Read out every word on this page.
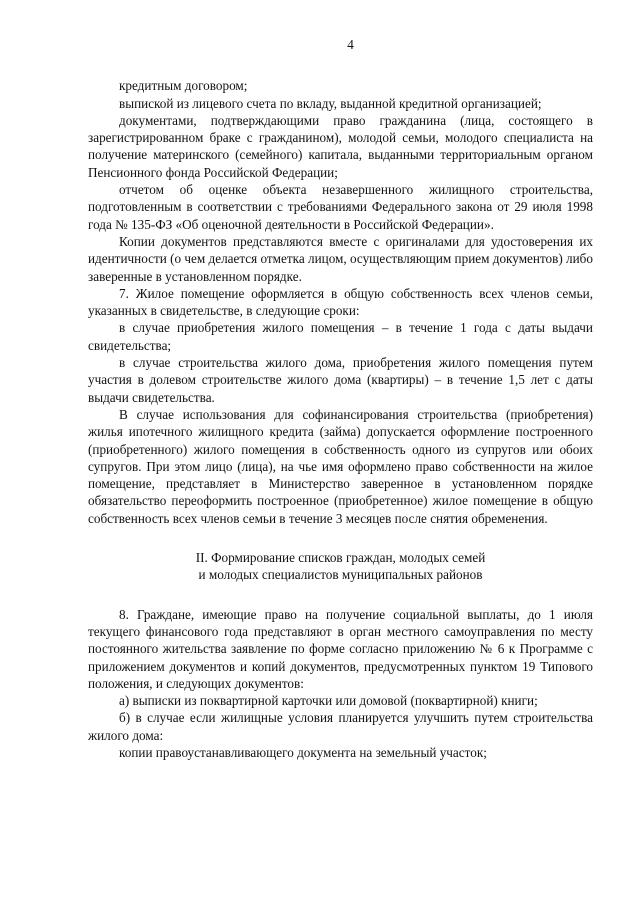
4

кредитным договором;

выпиской из лицевого счета по вкладу, выданной кредитной организацией;

документами, подтверждающими право гражданина (лица, состоящего в зарегистрированном браке с гражданином), молодой семьи, молодого специалиста на получение материнского (семейного) капитала, выданными территориальным органом Пенсионного фонда Российской Федерации;

отчетом об оценке объекта незавершенного жилищного строительства, подготовленным в соответствии с требованиями Федерального закона от 29 июля 1998 года № 135-ФЗ «Об оценочной деятельности в Российской Федерации».

Копии документов представляются вместе с оригиналами для удостоверения их идентичности (о чем делается отметка лицом, осуществляющим прием документов) либо заверенные в установленном порядке.

7. Жилое помещение оформляется в общую собственность всех членов семьи, указанных в свидетельстве, в следующие сроки:

в случае приобретения жилого помещения – в течение 1 года с даты выдачи свидетельства;

в случае строительства жилого дома, приобретения жилого помещения путем участия в долевом строительстве жилого дома (квартиры) – в течение 1,5 лет с даты выдачи свидетельства.

В случае использования для софинансирования строительства (приобретения) жилья ипотечного жилищного кредита (займа) допускается оформление построенного (приобретенного) жилого помещения в собственность одного из супругов или обоих супругов. При этом лицо (лица), на чье имя оформлено право собственности на жилое помещение, представляет в Министерство заверенное в установленном порядке обязательство переоформить построенное (приобретенное) жилое помещение в общую собственность всех членов семьи в течение 3 месяцев после снятия обременения.

II. Формирование списков граждан, молодых семей
и молодых специалистов муниципальных районов

8. Граждане, имеющие право на получение социальной выплаты, до 1 июля текущего финансового года представляют в орган местного самоуправления по месту постоянного жительства заявление по форме согласно приложению № 6 к Программе с приложением документов и копий документов, предусмотренных пунктом 19 Типового положения, и следующих документов:

а) выписки из поквартирной карточки или домовой (поквартирной) книги;

б) в случае если жилищные условия планируется улучшить путем строительства жилого дома:

копии правоустанавливающего документа на земельный участок;
